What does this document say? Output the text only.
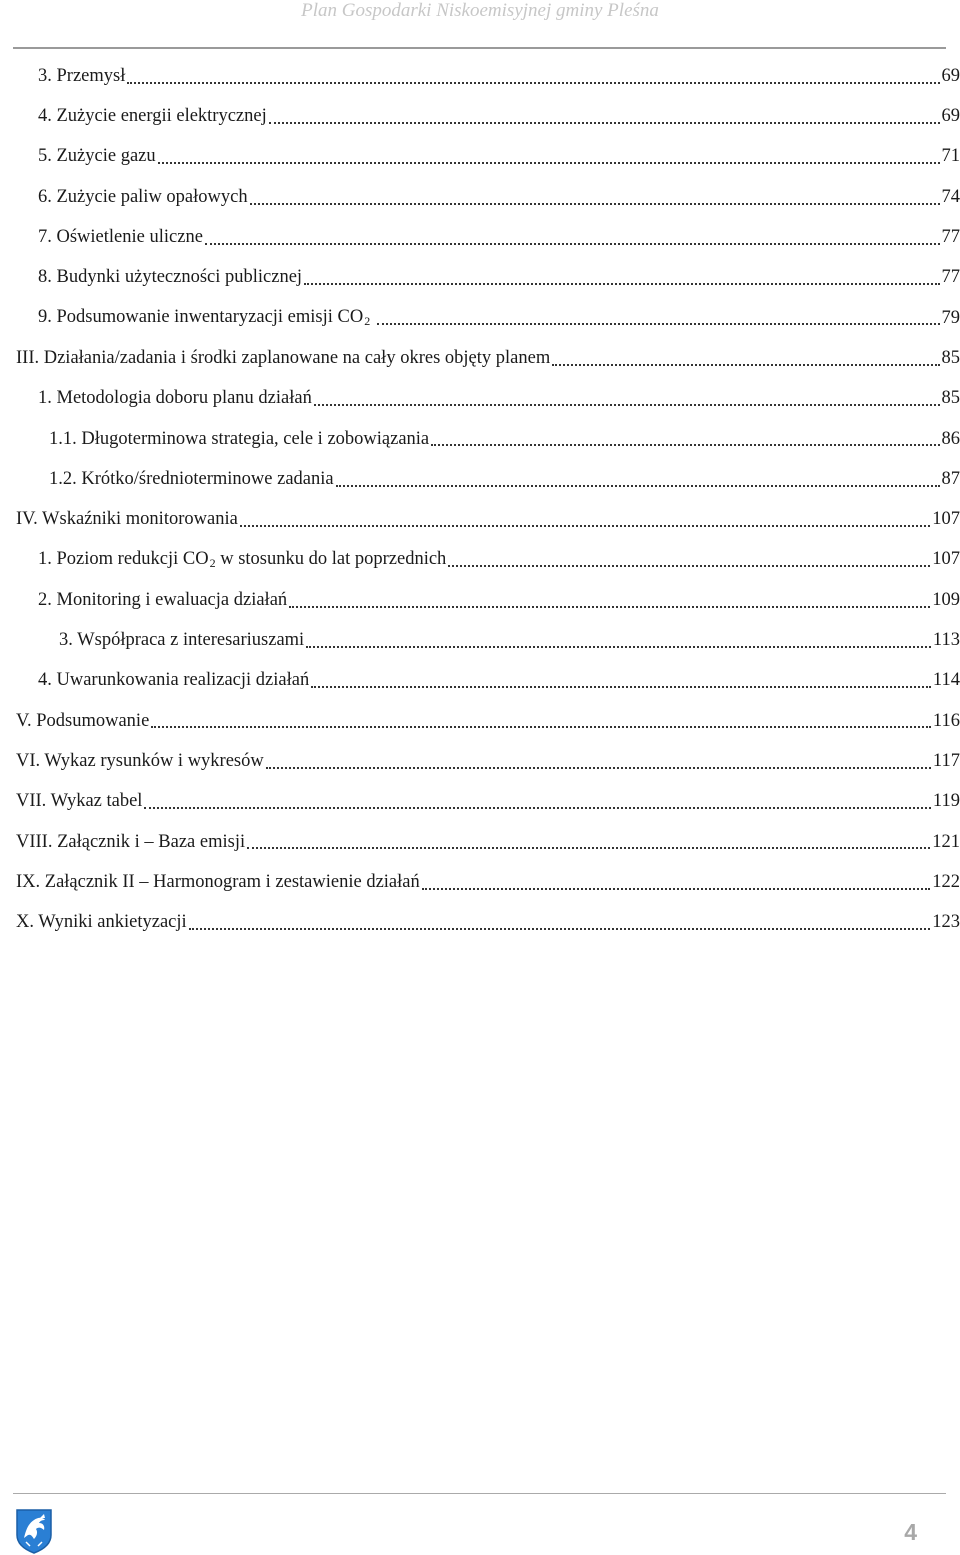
Plan Gospodarki Niskoemisyjnej gminy Pleśna
3. Przemysł	69
4. Zużycie energii elektrycznej	69
5. Zużycie gazu	71
6. Zużycie paliw opałowych	74
7. Oświetlenie uliczne	77
8. Budynki użyteczności publicznej	77
9. Podsumowanie inwentaryzacji emisji $CO_2$	79
III. Działania/zadania i środki zaplanowane na cały okres objęty planem	85
1. Metodologia doboru planu działań	85
1.1. Długoterminowa strategia, cele i zobowiązania	86
1.2. Krótko/średnioterminowe zadania	87
IV. Wskaźniki monitorowania	107
1. Poziom redukcji $CO_2$ w stosunku do lat poprzednich	107
2. Monitoring i ewaluacja działań	109
3. Współpraca z interesariuszami	113
4. Uwarunkowania realizacji działań	114
V. Podsumowanie	116
VI. Wykaz rysunków i wykresów	117
VII. Wykaz tabel	119
VIII. Załącznik i – Baza emisji	121
IX. Załącznik II – Harmonogram i zestawienie działań	122
X. Wyniki ankietyzacji	123
4
